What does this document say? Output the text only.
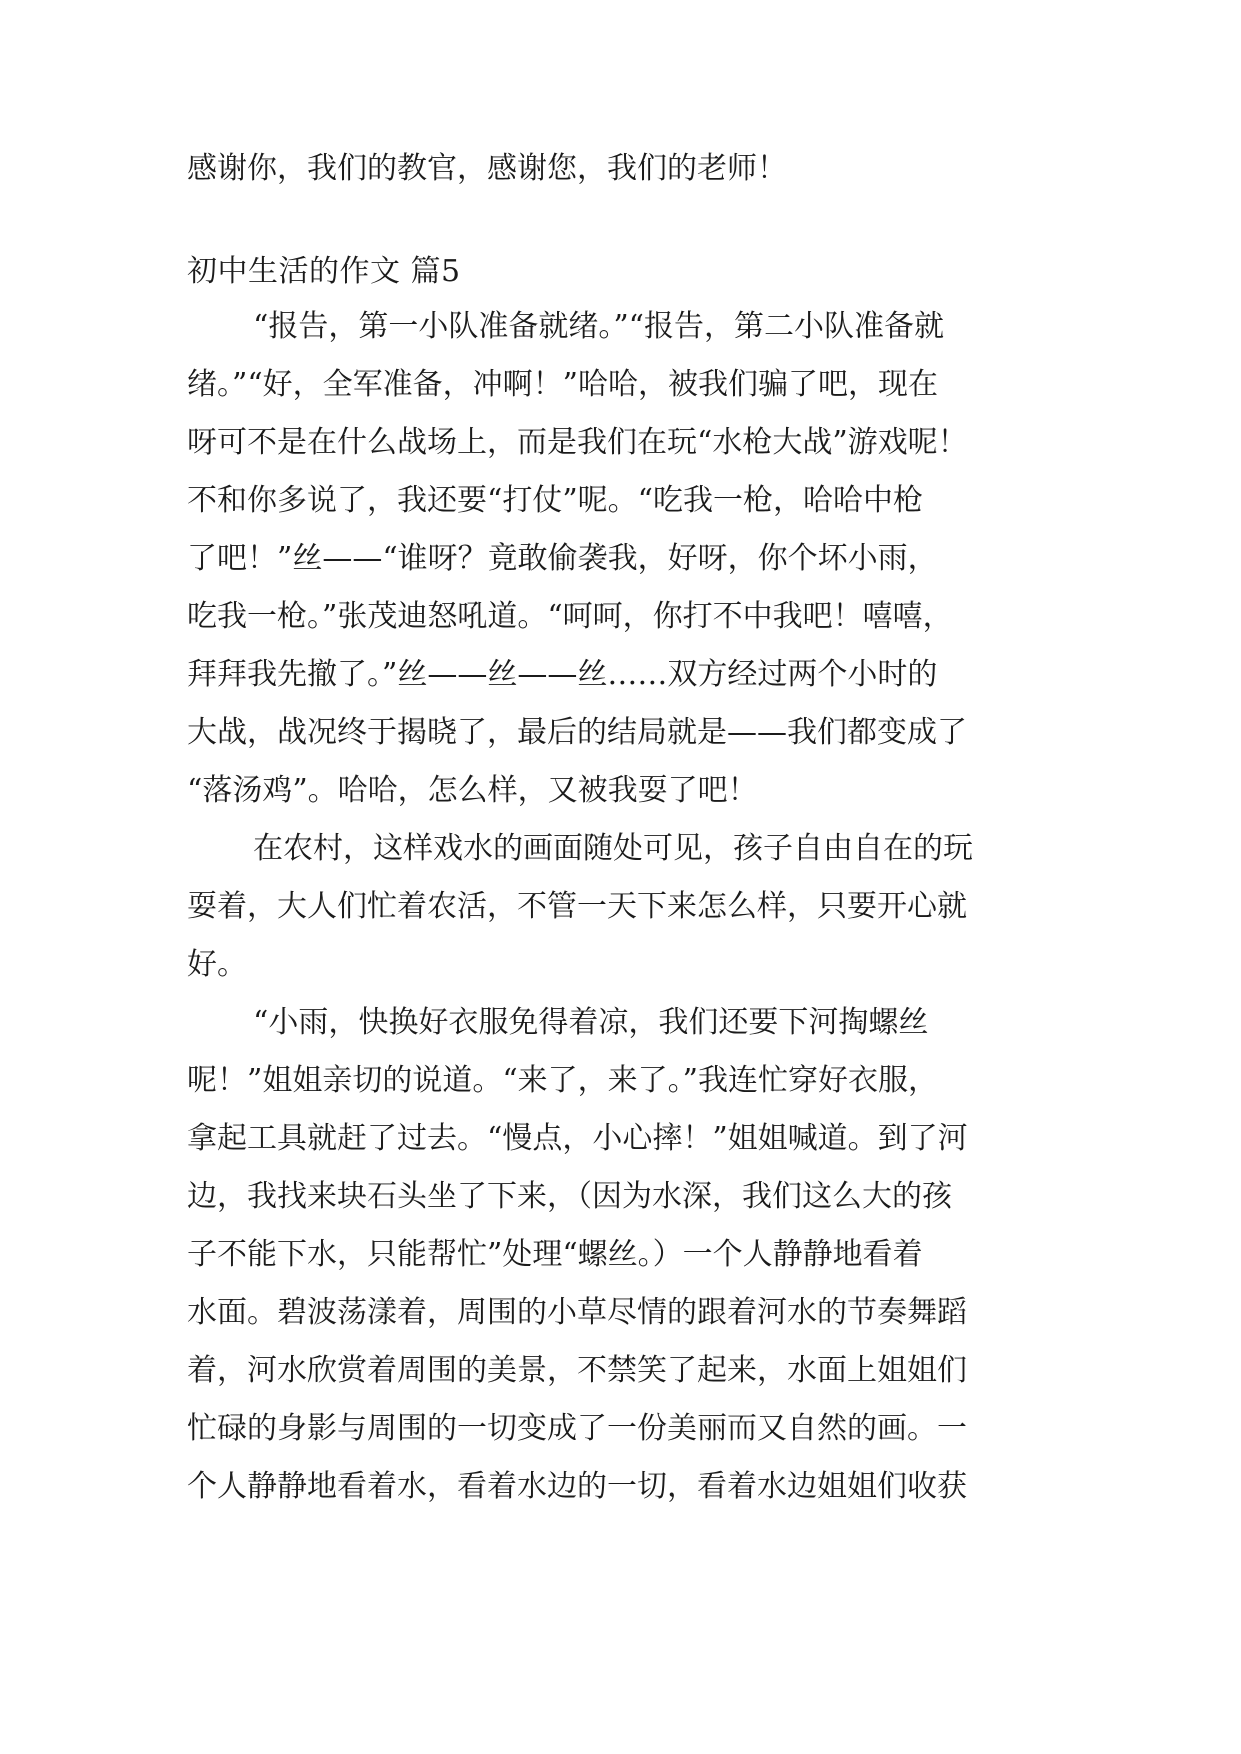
感谢你，我们的教官，感谢您，我们的老师！

初中生活的作文 篇5

“报告，第一小队准备就绪。”“报告，第二小队准备就
绪。”“好，全军准备，冲啊！”哈哈，被我们骗了吧，现在
呀可不是在什么战场上，而是我们在玩“水枪大战”游戏呢！
不和你多说了，我还要“打仗”呢。“吃我一枪，哈哈中枪
了吧！”丝——“谁呀？竟敢偷袭我，好呀，你个坏小雨，
吃我一枪。”张茂迪怒吼道。“呵呵，你打不中我吧！嘻嘻，
拜拜我先撤了。”丝——丝——丝……双方经过两个小时的
大战，战况终于揭晓了，最后的结局就是——我们都变成了
“落汤鸡”。哈哈，怎么样，又被我耍了吧！

在农村，这样戏水的画面随处可见，孩子自由自在的玩
耍着，大人们忙着农活，不管一天下来怎么样，只要开心就
好。

“小雨，快换好衣服免得着凉，我们还要下河掏螺丝
呢！”姐姐亲切的说道。“来了，来了。”我连忙穿好衣服，
拿起工具就赶了过去。“慢点，小心摔！”姐姐喊道。到了河
边，我找来块石头坐了下来，（因为水深，我们这么大的孩
子不能下水，只能帮忙”处理“螺丝。）一个人静静地看着
水面。碧波荡漾着，周围的小草尽情的跟着河水的节奏舞蹈
着，河水欣赏着周围的美景，不禁笑了起来，水面上姐姐们
忙碌的身影与周围的一切变成了一份美丽而又自然的画。一
个人静静地看着水，看着水边的一切，看着水边姐姐们收获
